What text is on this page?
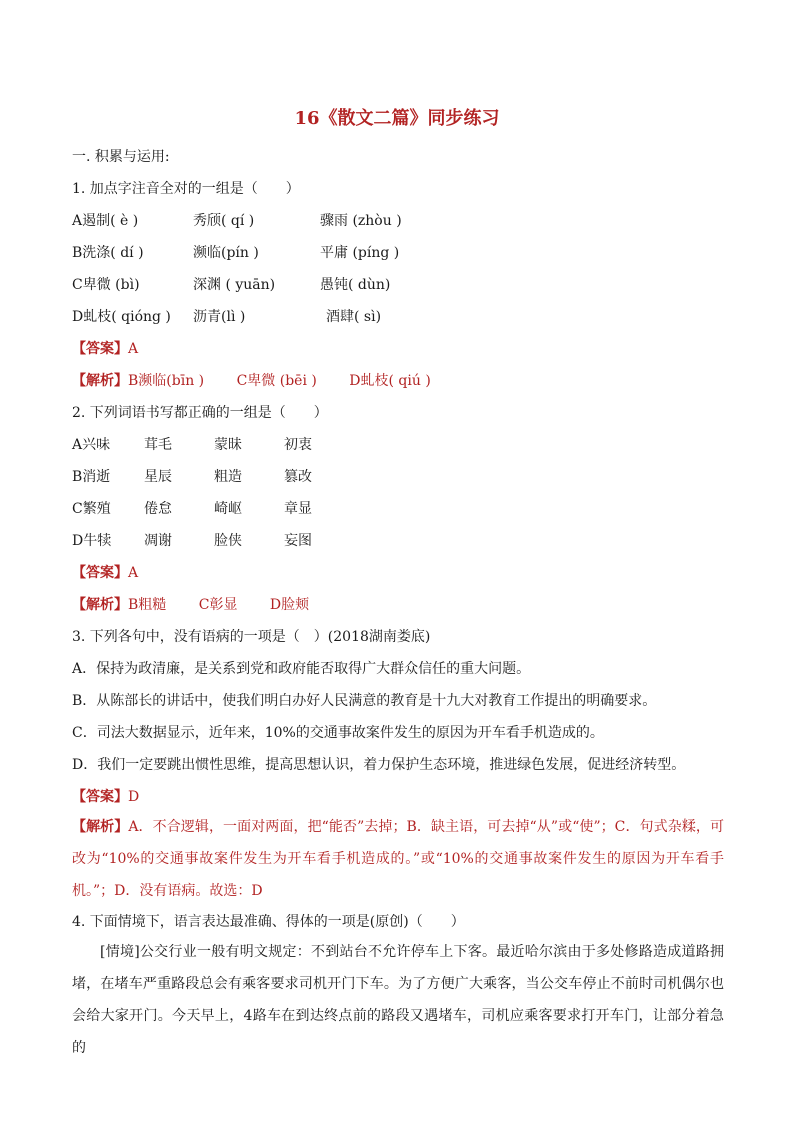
16《散文二篇》同步练习
一. 积累与运用:
1. 加点字注音全对的一组是（　　）
A遏制( è )	秀颀( qí )	骤雨 (zhòu )
B洗涤( dí )	濒临(pín )	平庸 (píng )
C卑微 (bì)	深渊 ( yuān)	愚钝( dùn)
D虬枝( qióng ) 沥青(lì )	酒肆( sì)
【答案】A
【解析】B濒临(bīn )　　 C卑微 (bēi )　　 D虬枝( qiú )
2. 下列词语书写都正确的一组是（　　）
A兴味 茸毛	蒙昧	初衷
B消逝 星辰	粗造	篡改
C繁殖 倦怠	崎岖	章显
D牛犊 凋谢	脸侠	妄图
【答案】A
【解析】B粗糙　　 C彰显　　 D脸颊
3. 下列各句中，没有语病的一项是（　）(2018湖南娄底)
A．保持为政清廉，是关系到党和政府能否取得广大群众信任的重大问题。
B．从陈部长的讲话中，使我们明白办好人民满意的教育是十九大对教育工作提出的明确要求。
C．司法大数据显示，近年来，10%的交通事故案件发生的原因为开车看手机造成的。
D．我们一定要跳出惯性思维，提高思想认识，着力保护生态环境，推进绿色发展，促进经济转型。
【答案】D
【解析】A．不合逻辑，一面对两面，把“能否”去掉；B．缺主语，可去掉“从”或“使”；C．句式杂糅，可改为“10%的交通事故案件发生为开车看手机造成的。”或“10%的交通事故案件发生的原因为开车看手机。”；D．没有语病。故选：D
4. 下面情境下，语言表达最准确、得体的一项是(原创)（　　）
[情境]公交行业一般有明文规定：不到站台不允许停车上下客。最近哈尔滨由于多处修路造成道路拥堵，在堵车严重路段总会有乘客要求司机开门下车。为了方便广大乘客，当公交车停止不前时司机偶尔也会给大家开门。今天早上，4路车在到达终点前的路段又遇堵车，司机应乘客要求打开车门，让部分着急的
